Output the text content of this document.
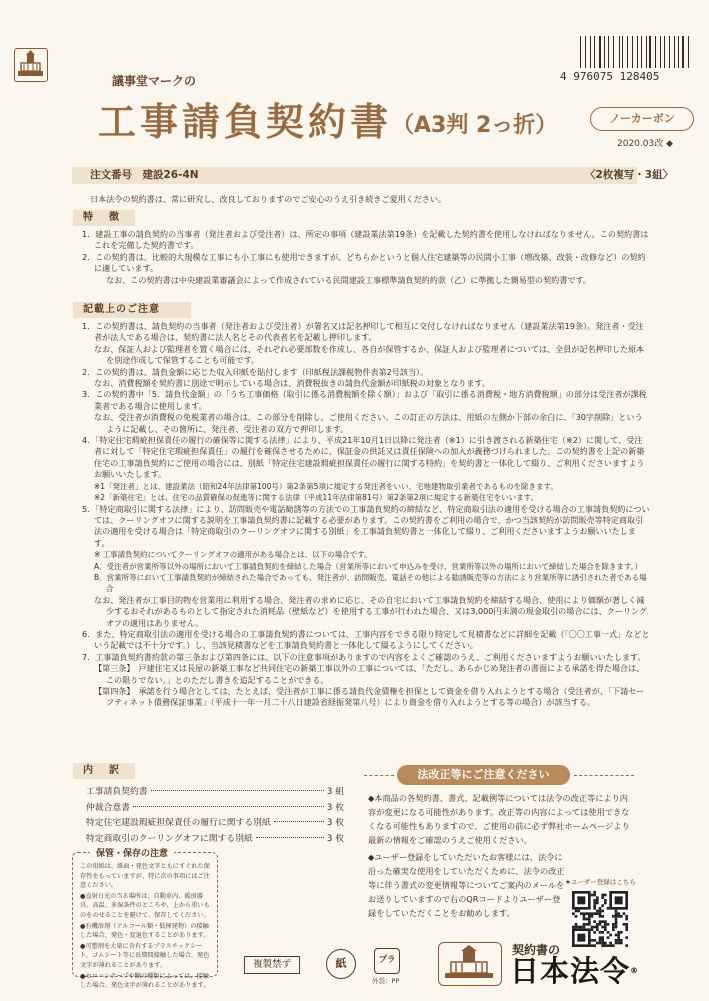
議事堂マークの
工事請負契約書 （A3判 2っ折）
4 976075 128405
ノーカーボン
2020.03改 ◆
注文番号　建設26-4N	〈2枚複写・3組〉
日本法令の契約書は、常に研究し、改良しておりますのでご安心のうえ引き続きご愛用ください。
特　徴
1．建設工事の請負契約の当事者（発注者および受注者）は、所定の事項（建設業法第19条）を記載した契約書を使用しなければなりません。この契約書はこれを完備した契約書です。
2．この契約書は、比較的大規模な工事にも小工事にも使用できますが、どちらかというと個人住宅建築等の民間小工事（増改築、改装・改修など）の契約に適しています。
なお、この契約書は中央建設業審議会によって作成されている民間建設工事標準請負契約約款（乙）に準拠した簡易型の契約書です。
記載上のご注意
1．この契約書は、請負契約の当事者（発注者および受注者）が署名又は記名押印して相互に交付しなければなりません（建設業法第19条）。発注者・受注者が法人である場合は、契約書に法人名とその代表者名を記載し押印します。
なお、保証人および監理者を置く場合には、それぞれ必要部数を作成し、各自が保管するか、保証人および監理者については、全員が記名押印した原本を別途作成して保管することも可能です。
2．この契約書は、請負金額に応じた収入印紙を貼付します（印紙税法課税物件表第2号該当）。
なお、消費税額を契約書に別途で明示している場合は、消費税抜きの請負代金額が印紙税の対象となります。
3．この契約書中「5．請負代金額」の「うち工事価格（取引に係る消費税額を除く額）」および「取引に係る消費税・地方消費税額」の部分は受注者が課税業者である場合に使用します。
なお、受注者が消費税の免税業者の場合は、この部分を削除し、ご使用ください。この訂正の方法は、用紙の左側か下部の余白に、「30字削除」というように記載し、その箇所に、発注者、受注者の双方で押印します。
4．「特定住宅瑕疵担保責任の履行の確保等に関する法律」により、平成21年10月1日以降に発注者（※1）に引き渡される新築住宅（※2）に関して、受注者に対して「特定住宅瑕疵担保責任」の履行を確保させるために、保証金の供託又は責任保険への加入が義務づけられました。この契約書を上記の新築住宅の工事請負契約にご使用の場合には、別紙「特定住宅建設瑕疵担保責任の履行に関する特約」を契約書と一体化して綴り、ご利用くださいますようお願いいたします。
※1「発注者」とは、建設業法（昭和24年法律第100号）第2条第5項に規定する発注者をいい、宅地建物取引業者であるものを除きます。
※2「新築住宅」とは、住宅の品質確保の促進等に関する法律（平成11年法律第81号）第2条第2項に規定する新築住宅をいいます。
5．「特定商取引に関する法律」により、訪問販売や電話勧誘等の方法での工事請負契約の締結など、特定商取引法の適用を受ける場合の工事請負契約については、クーリングオフに関する説明を工事請負契約書に記載する必要があります。この契約書をご利用の場合で、かつ当該契約が訪問販売等特定商取引法の適用を受ける場合は「特定商取引のクーリングオフに関する別紙」を工事請負契約書と一体化して綴り、ご利用くださいますようお願いいたします。
※ 工事請負契約についてクーリングオフの適用がある場合とは、以下の場合です。
A．受注者が営業所等以外の場所において工事請負契約を締結した場合（営業所等において申込みを受け、営業所等以外の場所において締結した場合を除きます。）
B．営業所等において工事請負契約が締結された場合であっても、発注者が、訪問販売、電話その他による勧誘販売等の方法により営業所等に誘引された者である場合
なお、発注者が工事目的物を営業用に利用する場合、発注者の求めに応じ、その自宅において工事請負契約を締結する場合、使用により価額が著しく減少するおそれがあるものとして指定された消耗品（壁紙など）を使用する工事が行われた場合、又は3,000円未満の現金取引の場合には、クーリングオフの適用はありません。
6．また、特定商取引法の適用を受ける場合の工事請負契約書については、工事内容をできる限り特定して見積書などに詳細を記載（「〇〇工事一式」などという記載では不十分です。）し、当該見積書などを工事請負契約書と一体化して綴るようにしてください。
7．工事請負契約書約款の第三条および第四条には、以下の注意事項がありますので内容をよくご確認のうえ、ご利用くださいますようお願いいたします。
【第三条】　戸建住宅又は長屋の新築工事など共同住宅の新築工事以外の工事については、「ただし、あらかじめ発注者の書面による承諾を得た場合は、この限りでない。」とのただし書きを追記することができる。
【第四条】　承諾を行う場合としては、たとえば、受注者が工事に係る請負代金債権を担保として資金を借り入れようとする場合（受注者が、「下請セーフティネット債務保証事業」（平成十一年一月二十八日建設省経振発第八号）により資金を借り入れようとする等の場合）が該当する。
内　訳
工事請負契約書	3 組
仲裁合意書	3 枚
特定住宅建設瑕疵担保責任の履行に関する別紙	3 枚
特定商取引のクーリングオフに関する別紙	3 枚
保管・保存の注意
この用紙は、紙面・発色文字ともにすぐれた保存性をもっていますが、特に次の事項にはご注意ください。
●直射日光の当る場所は、自動車内、暖房器具、高温、多湿条件のところや、上から重いものをのせることを避けて、保存してください。
●有機溶剤（アルコール類・低揮発物）の接触した場合、発色・変退色することがあります。
●可塑剤を大量に含有するプラスチックシート、ゴムシート等に長期間接触した場合、発色文字が薄れることがあります。
●セロハンテープや糊の種類によっては、接触した場合、発色文字が薄れることがあります。
法改正等にご注意ください
◆本商品の各契約書、書式、記載例等については法令の改正等により内容が変更になる可能性があります。改正等の内容によっては使用できなくなる可能性もありますので、ご使用の前に必ず弊社ホームページより最新の情報をご確認のうえご使用ください。
◆ユーザー登録をしていただいたお客様には、法令に沿った確実な使用をしていただくために、法令の改正等に伴う書式の変更情報等についてご案内のメールをお送りしていますので右のQRコードよりユーザー登録をしていただくことをお勧めします。
★ユーザー登録はこちら
複製禁ず	紙	プラ
外袋：PP
契約書の
日本法令®
